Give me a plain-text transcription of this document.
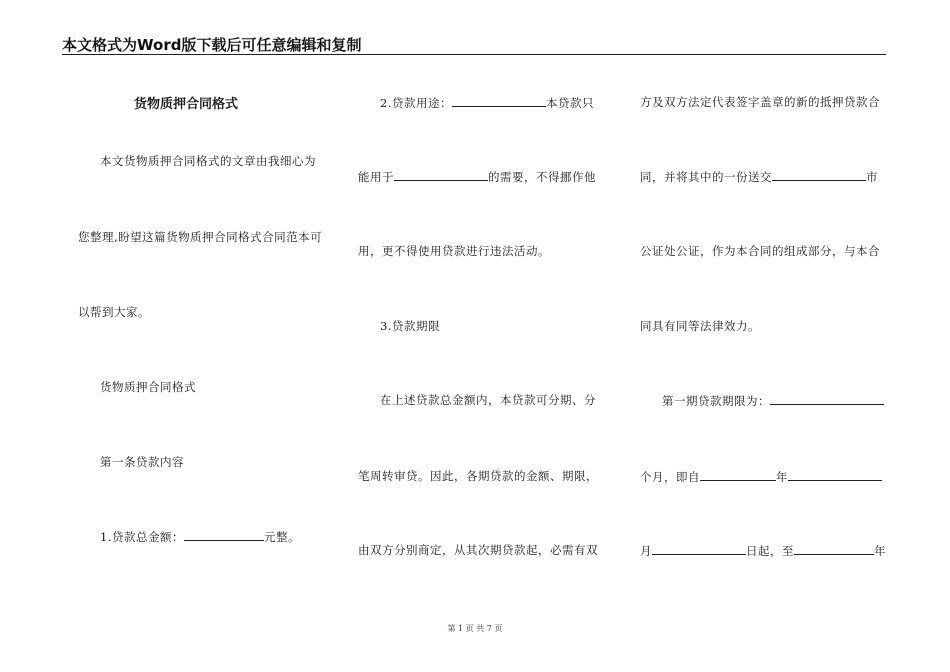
本文格式为Word版下载后可任意编辑和复制
货物质押合同格式
本文货物质押合同格式的文章由我细心为
您整理,盼望这篇货物质押合同格式合同范本可
以帮到大家。
货物质押合同格式
第一条贷款内容
1.贷款总金额：	元整。
2.贷款用途：	本贷款只
能用于	的需要，不得挪作他
用，更不得使用贷款进行违法活动。
3.贷款期限
在上述贷款总金额内，本贷款可分期、分
笔周转审贷。因此，各期贷款的金额、期限，
由双方分别商定，从其次期贷款起，必需有双
方及双方法定代表签字盖章的新的抵押贷款合
同，并将其中的一份送交	市
公证处公证，作为本合同的组成部分，与本合
同具有同等法律效力。
第一期贷款期限为：
个月，即自	年
月	日起，至	年
第 1 页 共 7 页
